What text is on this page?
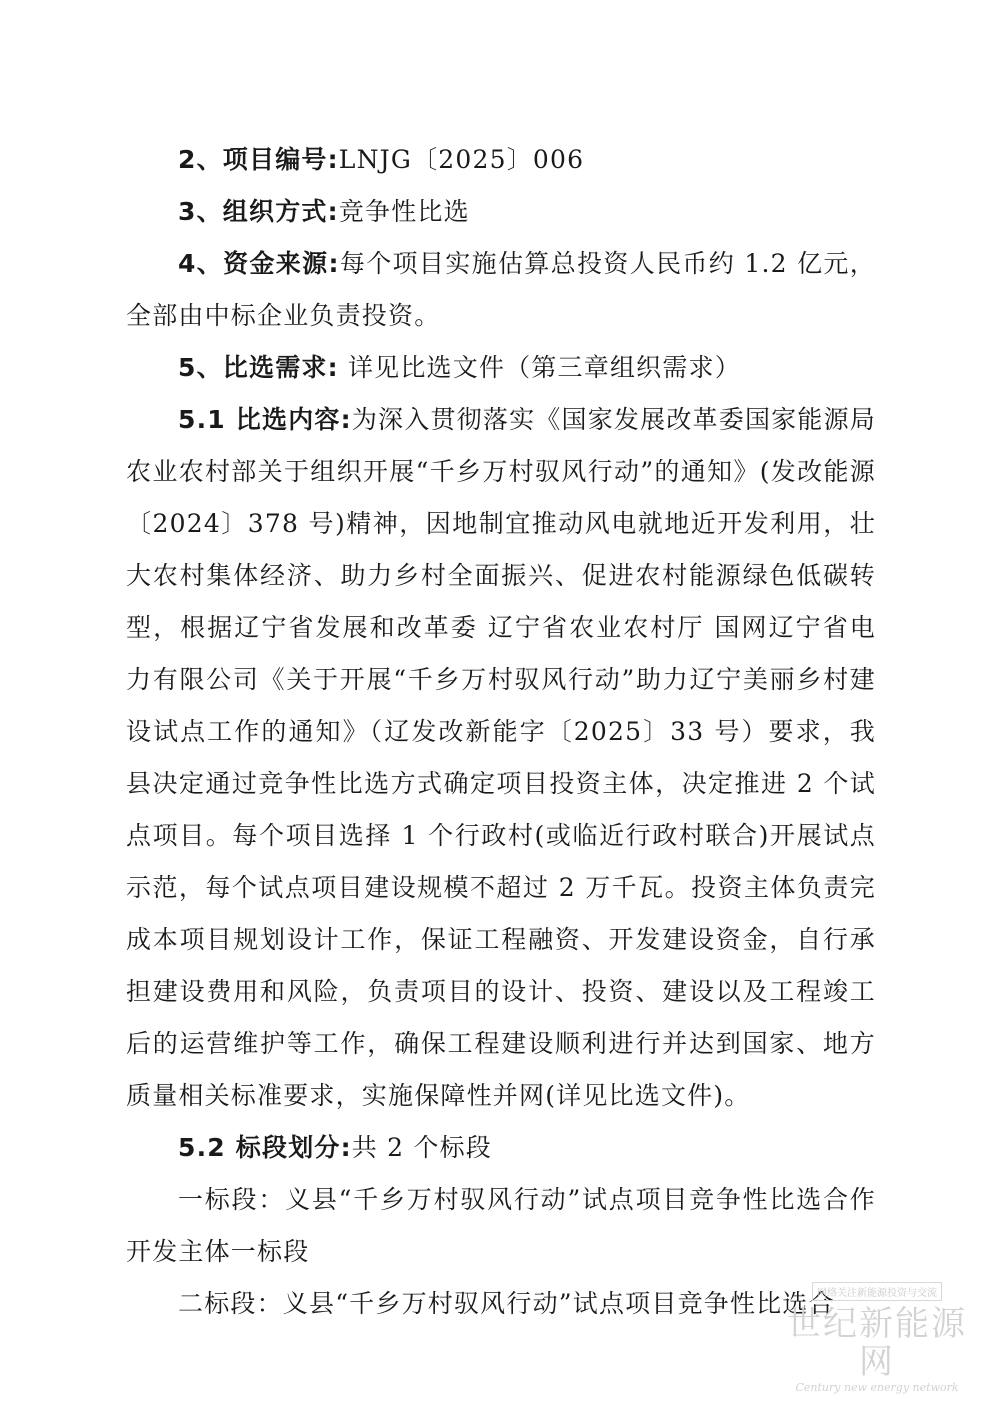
2、项目编号:LNJG〔2025〕006

3、组织方式:竞争性比选

4、资金来源:每个项目实施估算总投资人民币约 1.2 亿元，全部由中标企业负责投资。

5、比选需求: 详见比选文件（第三章组织需求）

5.1 比选内容:为深入贯彻落实《国家发展改革委国家能源局农业农村部关于组织开展“千乡万村驭风行动”的通知》(发改能源〔2024〕378 号)精神，因地制宜推动风电就地近开发利用，壮大农村集体经济、助力乡村全面振兴、促进农村能源绿色低碳转型，根据辽宁省发展和改革委 辽宁省农业农村厅 国网辽宁省电力有限公司《关于开展“千乡万村驭风行动”助力辽宁美丽乡村建设试点工作的通知》（辽发改新能字〔2025〕33 号）要求，我县决定通过竞争性比选方式确定项目投资主体，决定推进 2 个试点项目。每个项目选择 1 个行政村(或临近行政村联合)开展试点示范，每个试点项目建设规模不超过 2 万千瓦。投资主体负责完成本项目规划设计工作，保证工程融资、开发建设资金，自行承担建设费用和风险，负责项目的设计、投资、建设以及工程竣工后的运营维护等工作，确保工程建设顺利进行并达到国家、地方质量相关标准要求，实施保障性并网(详见比选文件)。

5.2 标段划分:共 2 个标段

一标段：义县“千乡万村驭风行动”试点项目竞争性比选合作开发主体一标段

二标段：义县“千乡万村驭风行动”试点项目竞争性比选合

网络关注新能源投资与交流
世纪新能源网
Century new energy network
